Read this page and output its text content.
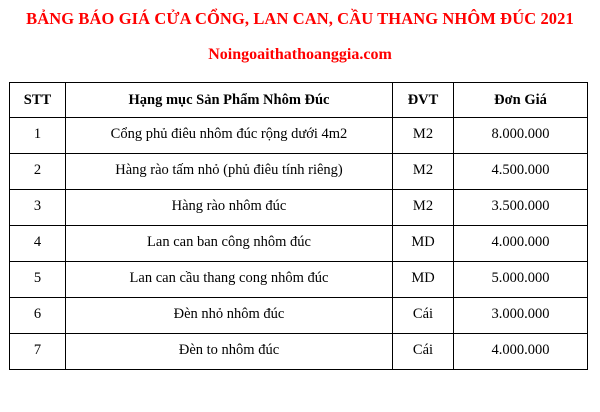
BẢNG BÁO GIÁ CỬA CỔNG, LAN CAN, CẦU THANG NHÔM ĐÚC 2021
Noingoaithathoanggia.com
STT	Hạng mục Sản Phẩm Nhôm Đúc	ĐVT	Đơn Giá
1	Cổng phủ điêu nhôm đúc rộng dưới 4m2	M2	8.000.000
2	Hàng rào tấm nhỏ (phủ điêu tính riêng)	M2	4.500.000
3	Hàng rào nhôm đúc	M2	3.500.000
4	Lan can ban công nhôm đúc	MD	4.000.000
5	Lan can cầu thang cong nhôm đúc	MD	5.000.000
6	Đèn nhỏ nhôm đúc	Cái	3.000.000
7	Đèn to nhôm đúc	Cái	4.000.000
